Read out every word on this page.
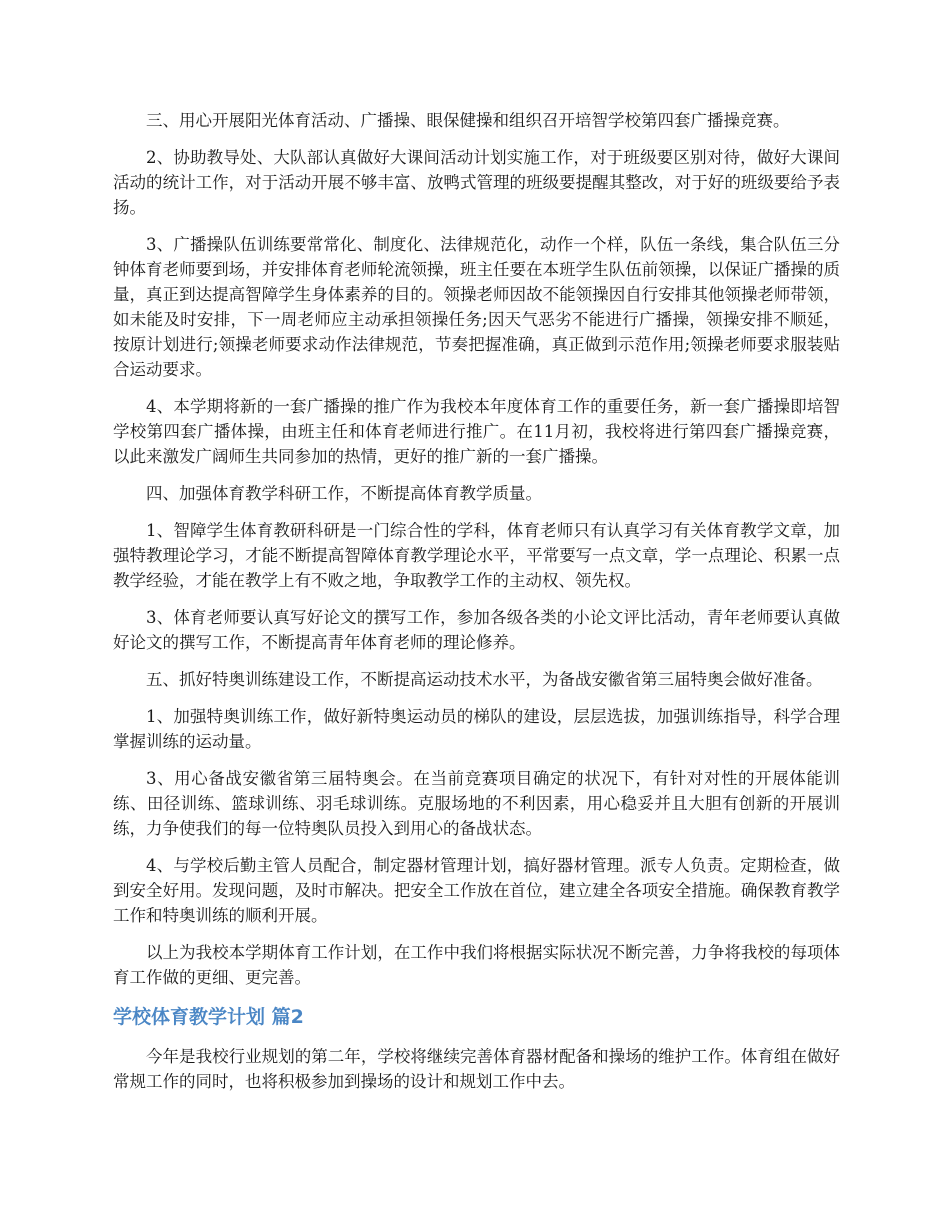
三、用心开展阳光体育活动、广播操、眼保健操和组织召开培智学校第四套广播操竞赛。

2、协助教导处、大队部认真做好大课间活动计划实施工作，对于班级要区别对待，做好大课间活动的统计工作，对于活动开展不够丰富、放鸭式管理的班级要提醒其整改，对于好的班级要给予表扬。

3、广播操队伍训练要常常化、制度化、法律规范化，动作一个样，队伍一条线，集合队伍三分钟体育老师要到场，并安排体育老师轮流领操，班主任要在本班学生队伍前领操，以保证广播操的质量，真正到达提高智障学生身体素养的目的。领操老师因故不能领操因自行安排其他领操老师带领，如未能及时安排，下一周老师应主动承担领操任务;因天气恶劣不能进行广播操，领操安排不顺延，按原计划进行;领操老师要求动作法律规范，节奏把握准确，真正做到示范作用;领操老师要求服装贴合运动要求。

4、本学期将新的一套广播操的推广作为我校本年度体育工作的重要任务，新一套广播操即培智学校第四套广播体操，由班主任和体育老师进行推广。在11月初，我校将进行第四套广播操竞赛，以此来激发广阔师生共同参加的热情，更好的推广新的一套广播操。

四、加强体育教学科研工作，不断提高体育教学质量。

1、智障学生体育教研科研是一门综合性的学科，体育老师只有认真学习有关体育教学文章，加强特教理论学习，才能不断提高智障体育教学理论水平，平常要写一点文章，学一点理论、积累一点教学经验，才能在教学上有不败之地，争取教学工作的主动权、领先权。

3、体育老师要认真写好论文的撰写工作，参加各级各类的小论文评比活动，青年老师要认真做好论文的撰写工作，不断提高青年体育老师的理论修养。

五、抓好特奥训练建设工作，不断提高运动技术水平，为备战安徽省第三届特奥会做好准备。

1、加强特奥训练工作，做好新特奥运动员的梯队的建设，层层选拔，加强训练指导，科学合理掌握训练的运动量。

3、用心备战安徽省第三届特奥会。在当前竞赛项目确定的状况下，有针对对性的开展体能训练、田径训练、篮球训练、羽毛球训练。克服场地的不利因素，用心稳妥并且大胆有创新的开展训练，力争使我们的每一位特奥队员投入到用心的备战状态。

4、与学校后勤主管人员配合，制定器材管理计划，搞好器材管理。派专人负责。定期检查，做到安全好用。发现问题，及时市解决。把安全工作放在首位，建立建全各项安全措施。确保教育教学工作和特奥训练的顺利开展。

以上为我校本学期体育工作计划，在工作中我们将根据实际状况不断完善，力争将我校的每项体育工作做的更细、更完善。

学校体育教学计划 篇2

今年是我校行业规划的第二年，学校将继续完善体育器材配备和操场的维护工作。体育组在做好常规工作的同时，也将积极参加到操场的设计和规划工作中去。
